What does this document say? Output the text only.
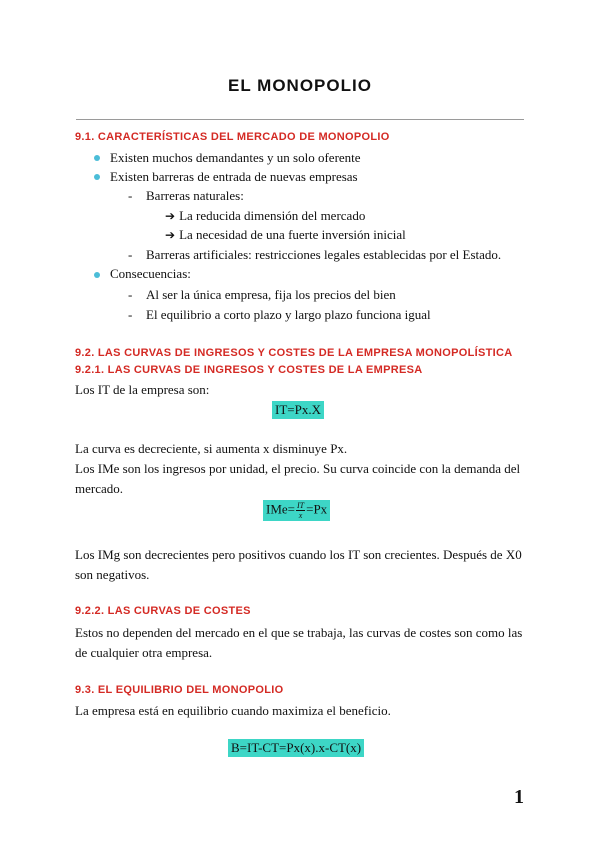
EL MONOPOLIO
9.1. CARACTERÍSTICAS DEL MERCADO DE MONOPOLIO
Existen muchos demandantes y un solo oferente
Existen barreras de entrada de nuevas empresas
- Barreras naturales:
➔ La reducida dimensión del mercado
➔ La necesidad de una fuerte inversión inicial
- Barreras artificiales: restricciones legales establecidas por el Estado.
Consecuencias:
- Al ser la única empresa, fija los precios del bien
- El equilibrio a corto plazo y largo plazo funciona igual
9.2. LAS CURVAS DE INGRESOS Y COSTES DE LA EMPRESA MONOPOLÍSTICA
9.2.1. LAS CURVAS DE INGRESOS Y COSTES DE LA EMPRESA
Los IT de la empresa son:
IT=Px.X
La curva es decreciente, si aumenta x disminuye Px.
Los IMe son los ingresos por unidad, el precio. Su curva coincide con la demanda del
mercado.
$IMe= \frac{IT}{x} =Px$
Los IMg son decrecientes pero positivos cuando los IT son crecientes. Después de X0
son negativos.
9.2.2. LAS CURVAS DE COSTES
Estos no dependen del mercado en el que se trabaja, las curvas de costes son como las
de cualquier otra empresa.
9.3. EL EQUILIBRIO DEL MONOPOLIO
La empresa está en equilibrio cuando maximiza el beneficio.
B=IT-CT=Px(x).x-CT(x)
1
